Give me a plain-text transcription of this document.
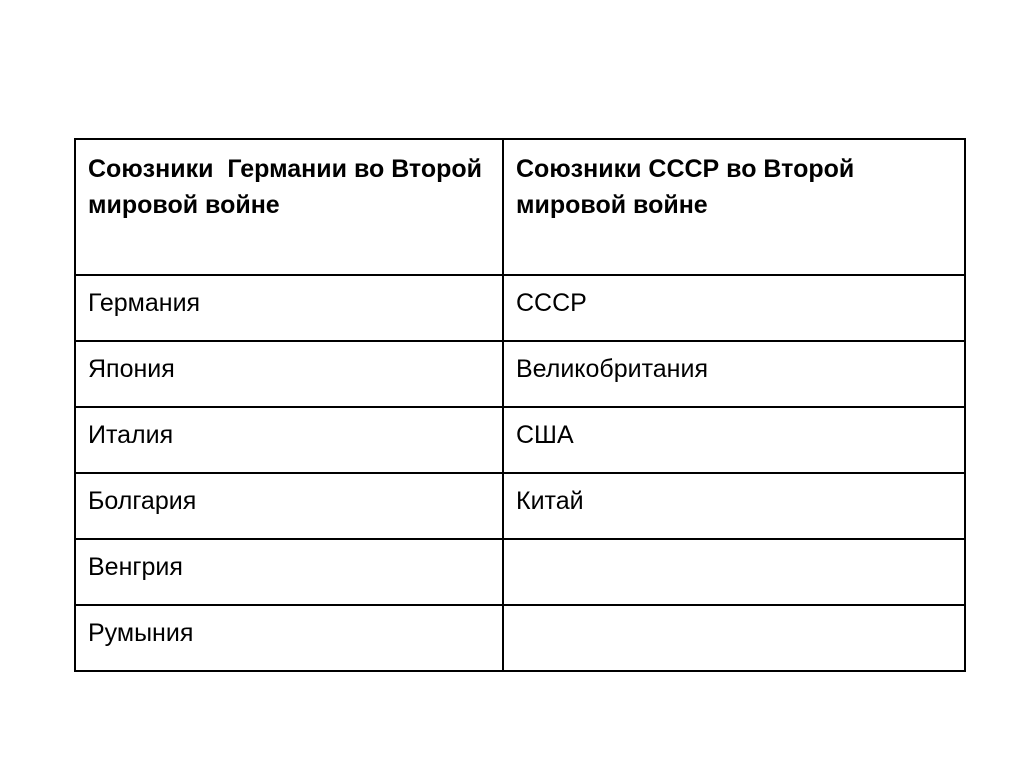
Союзники  Германии во Второй мировой войне	Союзники СССР во Второй мировой войне

Германия	СССР

Япония	Великобритания

Италия	США

Болгария	Китай

Венгрия	

Румыния	
